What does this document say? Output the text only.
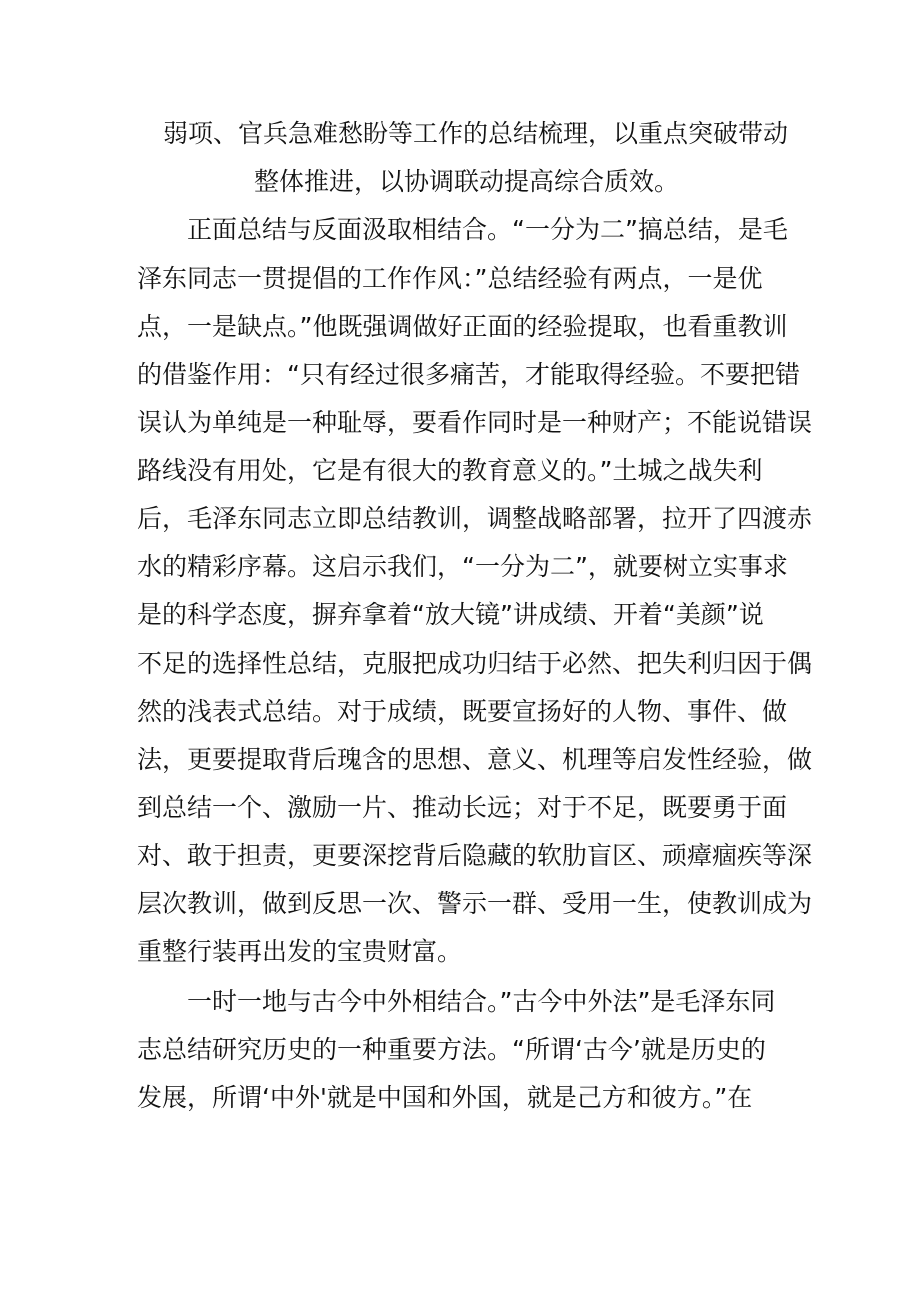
弱项、官兵急难愁盼等工作的总结梳理，以重点突破带动
整体推进，以协调联动提高综合质效。
正面总结与反面汲取相结合。“一分为二”搞总结，是毛
泽东同志一贯提倡的工作作风：”总结经验有两点，一是优
点，一是缺点。”他既强调做好正面的经验提取，也看重教训
的借鉴作用：“只有经过很多痛苦，才能取得经验。不要把错
误认为单纯是一种耻辱，要看作同时是一种财产；不能说错误
路线没有用处，它是有很大的教育意义的。”土城之战失利
后，毛泽东同志立即总结教训，调整战略部署，拉开了四渡赤
水的精彩序幕。这启示我们，“一分为二”，就要树立实事求
是的科学态度，摒弃拿着“放大镜”讲成绩、开着“美颜”说
不足的选择性总结，克服把成功归结于必然、把失利归因于偶
然的浅表式总结。对于成绩，既要宣扬好的人物、事件、做
法，更要提取背后瑰含的思想、意义、机理等启发性经验，做
到总结一个、激励一片、推动长远；对于不足，既要勇于面
对、敢于担责，更要深挖背后隐藏的软肋盲区、顽瘴痼疾等深
层次教训，做到反思一次、警示一群、受用一生，使教训成为
重整行装再出发的宝贵财富。
一时一地与古今中外相结合。”古今中外法”是毛泽东同
志总结研究历史的一种重要方法。“所谓‘古今’就是历史的
发展，所谓‘中外'就是中国和外国，就是己方和彼方。”在
